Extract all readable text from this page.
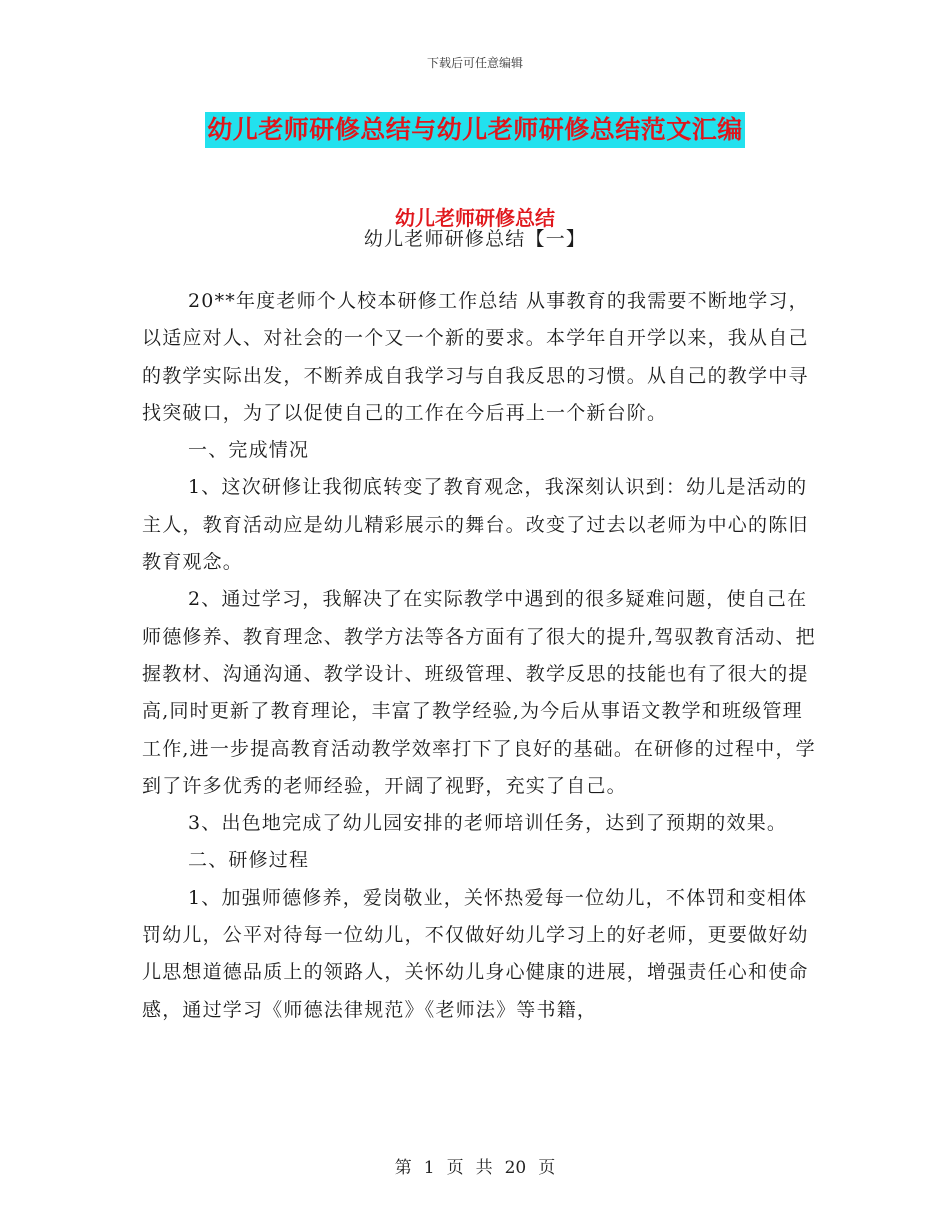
下载后可任意编辑
幼儿老师研修总结与幼儿老师研修总结范文汇编
幼儿老师研修总结

幼儿老师研修总结【一】

20**年度老师个人校本研修工作总结 从事教育的我需要不断地学习，以适应对人、对社会的一个又一个新的要求。本学年自开学以来，我从自己的教学实际出发，不断养成自我学习与自我反思的习惯。从自己的教学中寻找突破口，为了以促使自己的工作在今后再上一个新台阶。

一、完成情况

1、这次研修让我彻底转变了教育观念，我深刻认识到：幼儿是活动的主人，教育活动应是幼儿精彩展示的舞台。改变了过去以老师为中心的陈旧教育观念。

2、通过学习，我解决了在实际教学中遇到的很多疑难问题，使自己在师德修养、教育理念、教学方法等各方面有了很大的提升,驾驭教育活动、把握教材、沟通沟通、教学设计、班级管理、教学反思的技能也有了很大的提高,同时更新了教育理论，丰富了教学经验,为今后从事语文教学和班级管理工作,进一步提高教育活动教学效率打下了良好的基础。在研修的过程中，学到了许多优秀的老师经验，开阔了视野，充实了自己。

3、出色地完成了幼儿园安排的老师培训任务，达到了预期的效果。

二、研修过程

1、加强师德修养，爱岗敬业，关怀热爱每一位幼儿，不体罚和变相体罚幼儿，公平对待每一位幼儿，不仅做好幼儿学习上的好老师，更要做好幼儿思想道德品质上的领路人，关怀幼儿身心健康的进展，增强责任心和使命感，通过学习《师德法律规范》《老师法》等书籍，

第 1 页 共 20 页
